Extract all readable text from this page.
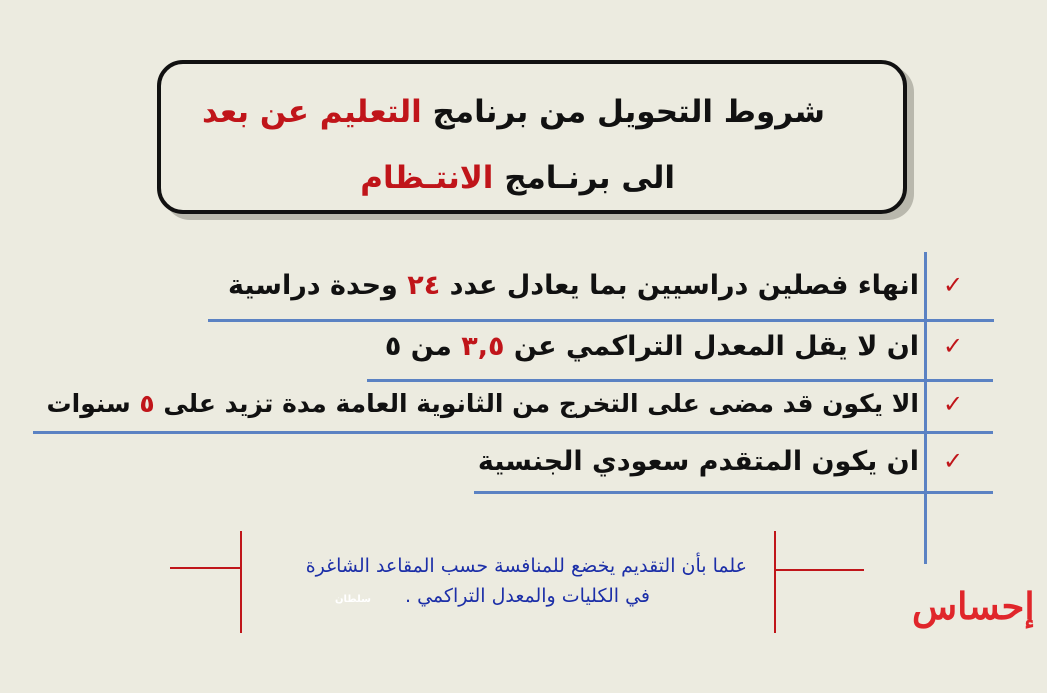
شروط التحويل من برنامج التعليم عن بعد
الى برنـامج الانتـظام
✓
انهاء فصلين دراسيين بما يعادل عدد ٢٤ وحدة دراسية
✓
ان لا يقل المعدل التراكمي عن ٣,٥ من ٥
✓
الا يكون قد مضى على التخرج من الثانوية العامة مدة تزيد على ٥ سنوات
✓
ان يكون المتقدم سعودي الجنسية
علما بأن التقديم يخضع للمنافسة حسب المقاعد الشاغرة
في الكليات والمعدل التراكمي .
سلطان	إحساس
